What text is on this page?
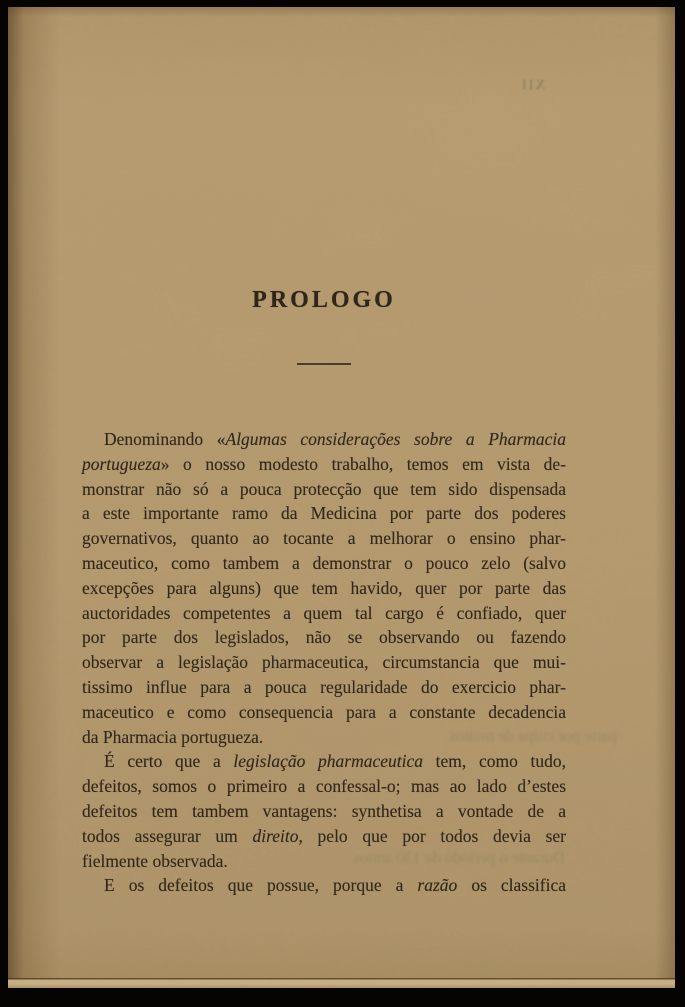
XII
parte por culpa de muitos
Durante o periodo de 130 annos
PROLOGO
Denominando «Algumas considerações sobre a Pharmacia
portugueza» o nosso modesto trabalho, temos em vista de-
monstrar não só a pouca protecção que tem sido dispensada
a este importante ramo da Medicina por parte dos poderes
governativos, quanto ao tocante a melhorar o ensino phar-
maceutico, como tambem a demonstrar o pouco zelo (salvo
excepções para alguns) que tem havido, quer por parte das
auctoridades competentes a quem tal cargo é confiado, quer
por parte dos legislados, não se observando ou fazendo
observar a legislação pharmaceutica, circumstancia que mui-
tissimo influe para a pouca regularidade do exercicio phar-
maceutico e como consequencia para a constante decadencia
da Pharmacia portugueza.
É certo que a legislação pharmaceutica tem, como tudo,
defeitos, somos o primeiro a confessal-o; mas ao lado d’estes
defeitos tem tambem vantagens: synthetisa a vontade de a
todos assegurar um direito, pelo que por todos devia ser
fielmente observada.
E os defeitos que possue, porque a razão os classifica
